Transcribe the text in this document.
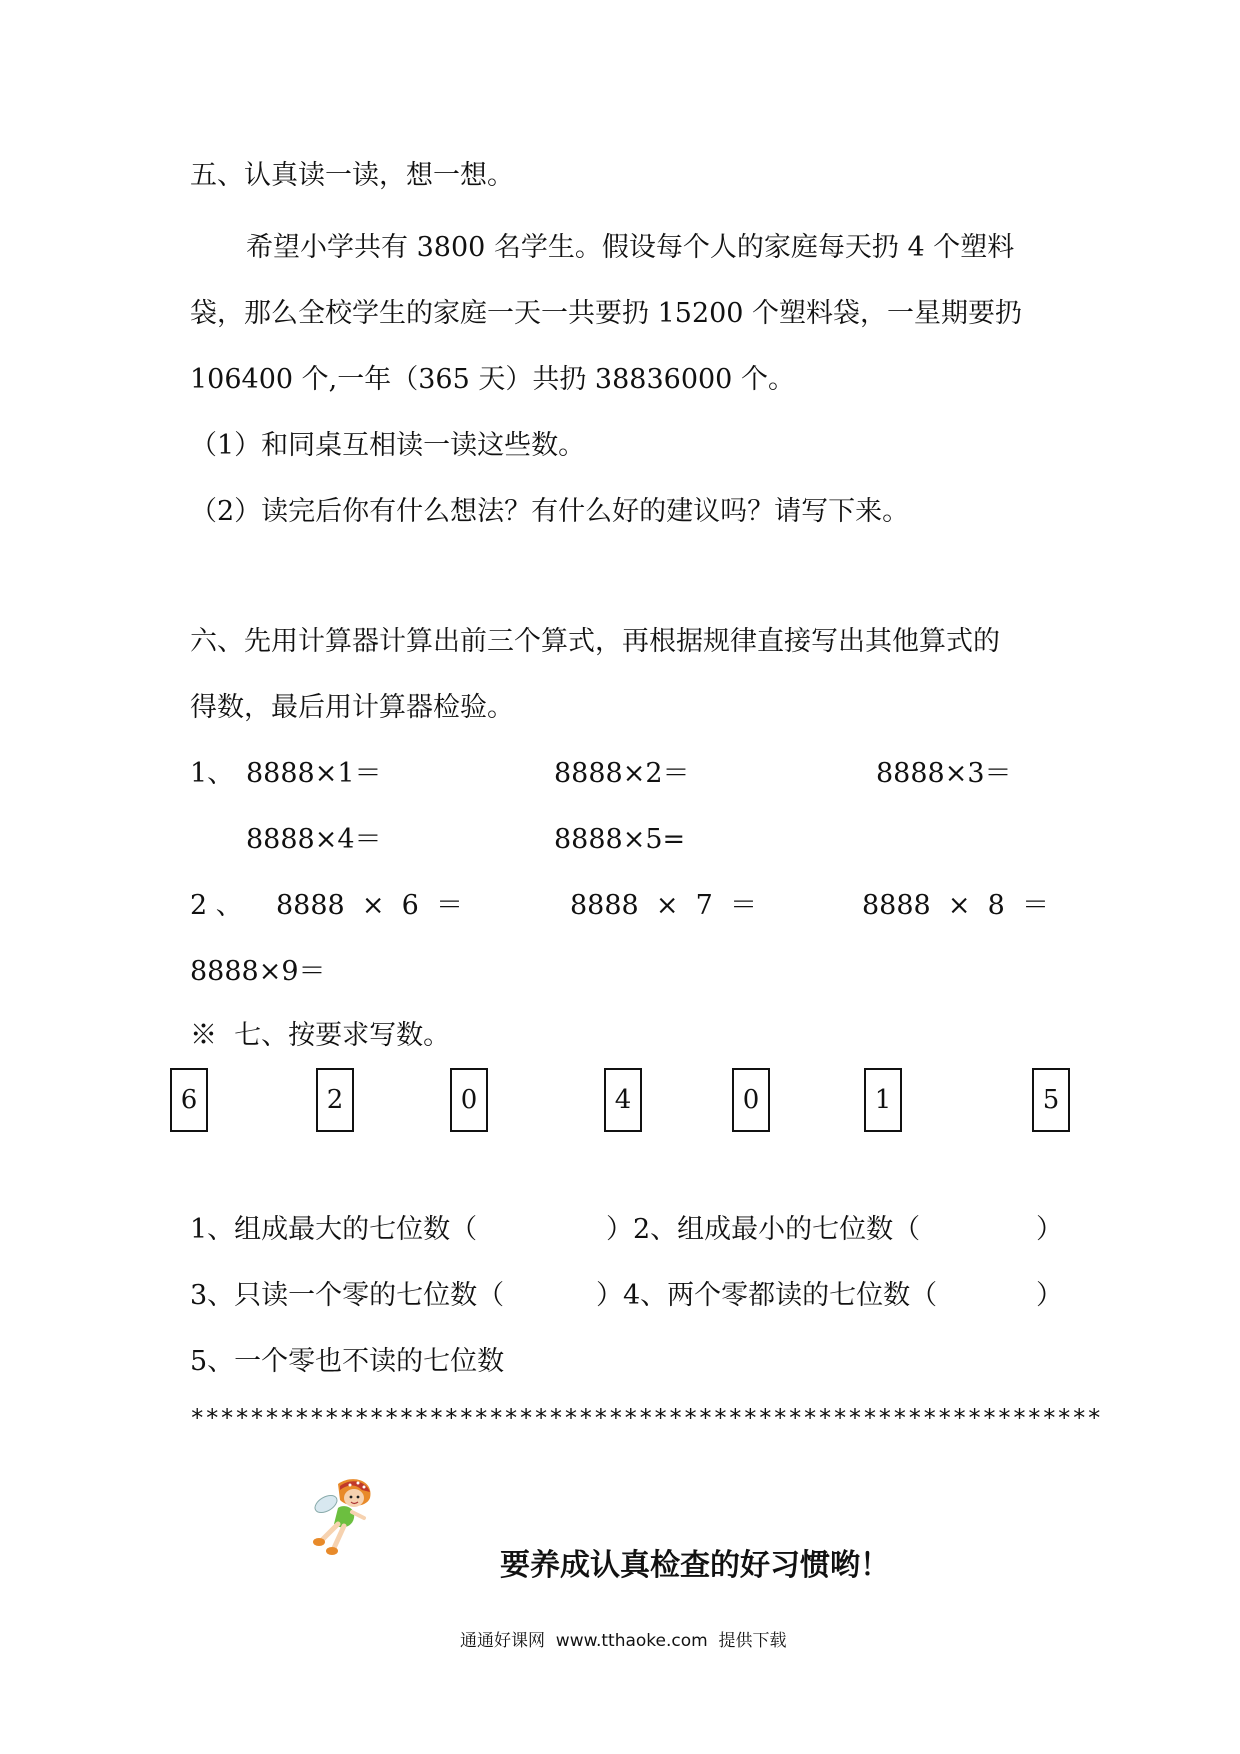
五、认真读一读，想一想。
希望小学共有 3800 名学生。假设每个人的家庭每天扔 4 个塑料
袋，那么全校学生的家庭一天一共要扔 15200 个塑料袋，一星期要扔
106400 个,一年（365 天）共扔 38836000 个。
（1）和同桌互相读一读这些数。
（2）读完后你有什么想法？有什么好的建议吗？请写下来。
六、先用计算器计算出前三个算式，再根据规律直接写出其他算式的
得数，最后用计算器检验。
1、 8888×1＝	8888×2＝	8888×3＝
8888×4＝	8888×5=
2 、 8888  ×  6  ＝	8888  ×  7  ＝	8888  ×  8  ＝
8888×9＝
※  七、按要求写数。
6	2	0	4	0	1	5
1、组成最大的七位数（	）2、组成最小的七位数（	）
3、只读一个零的七位数（	）4、两个零都读的七位数（	）
5、一个零也不读的七位数
*************************************************************
要养成认真检查的好习惯哟！
通通好课网  www.tthaoke.com  提供下载
